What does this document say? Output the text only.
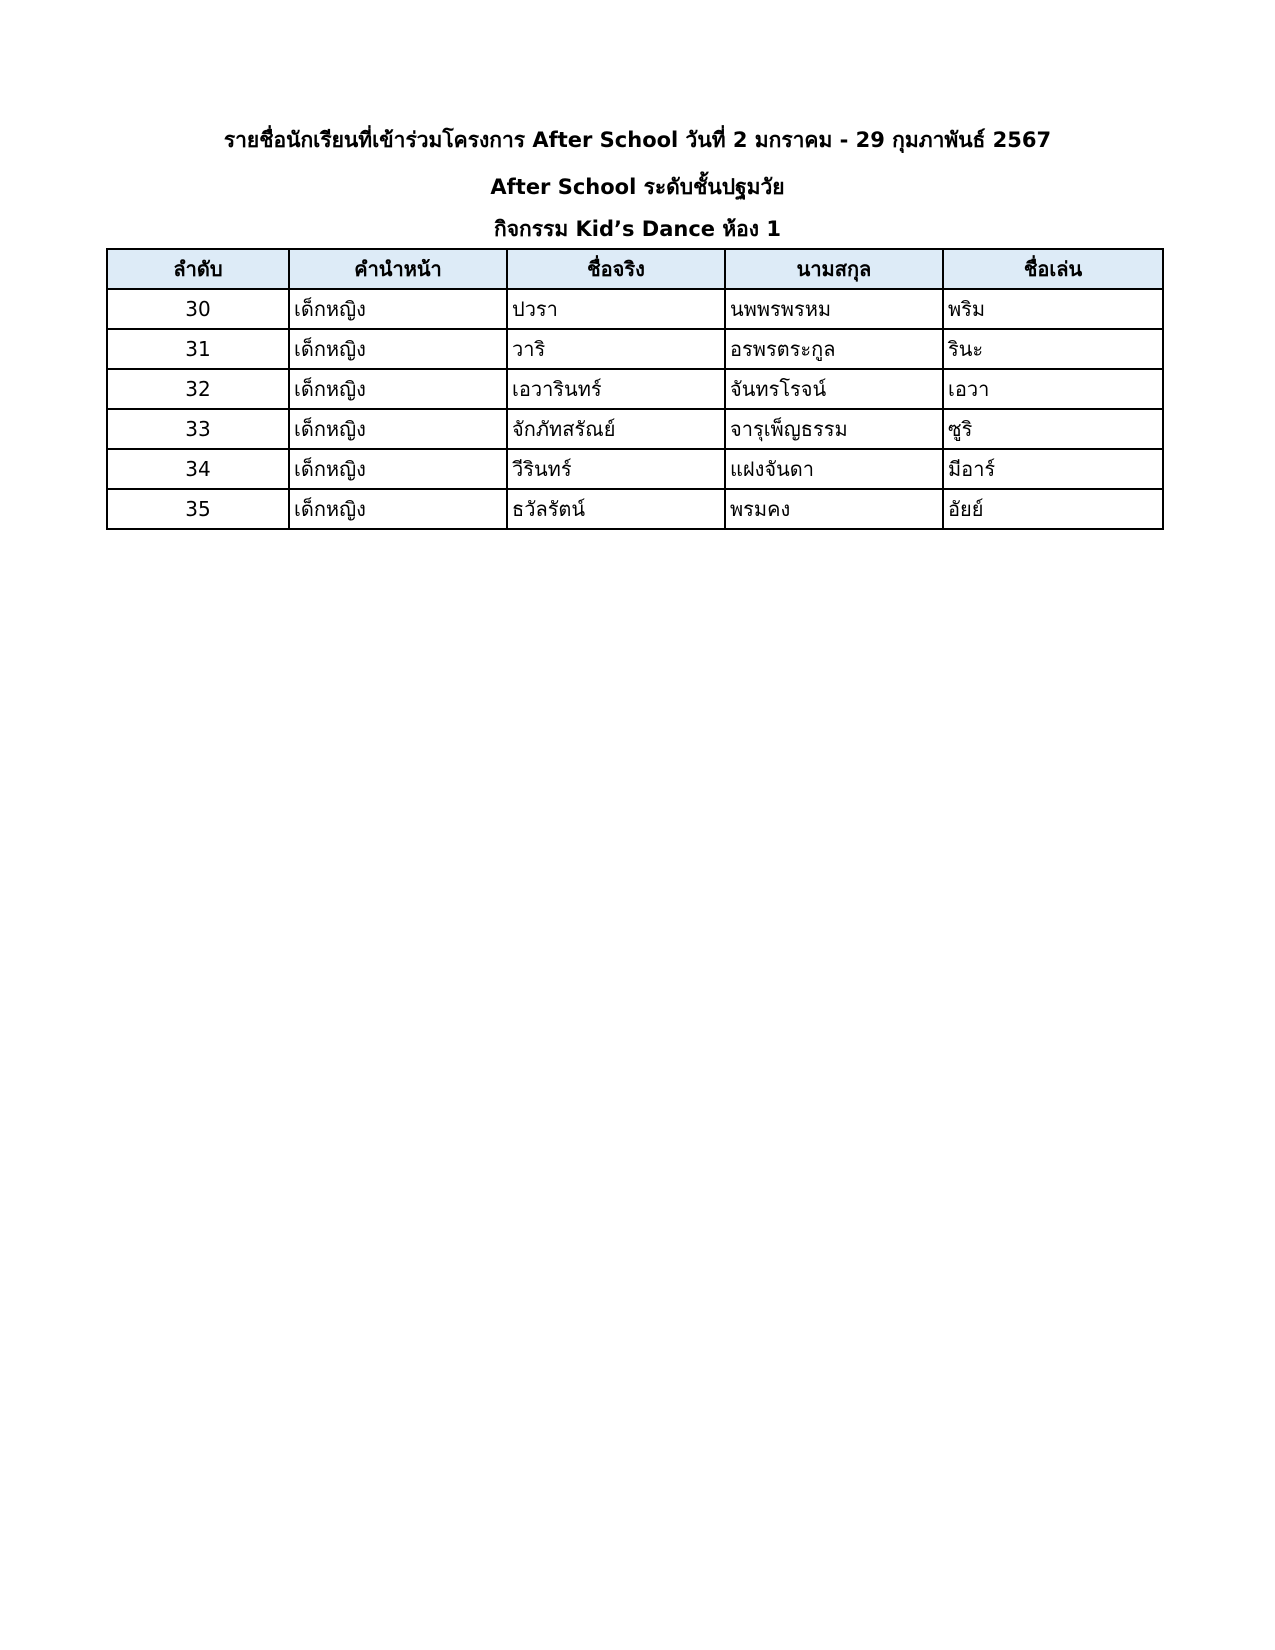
รายชื่อนักเรียนที่เข้าร่วมโครงการ After School วันที่ 2 มกราคม - 29 กุมภาพันธ์ 2567
After School ระดับชั้นปฐมวัย
กิจกรรม Kid’s Dance ห้อง 1
ลำดับ	คำนำหน้า	ชื่อจริง	นามสกุล	ชื่อเล่น
30	เด็กหญิง	ปวรา	นพพรพรหม	พริม
31	เด็กหญิง	วาริ	อรพรตระกูล	รินะ
32	เด็กหญิง	เอวารินทร์	จันทรโรจน์	เอวา
33	เด็กหญิง	จักภัทสรัณย์	จารุเพ็ญธรรม	ซูริ
34	เด็กหญิง	วีรินทร์	แฝงจันดา	มีอาร์
35	เด็กหญิง	ธวัลรัตน์	พรมคง	อัยย์
